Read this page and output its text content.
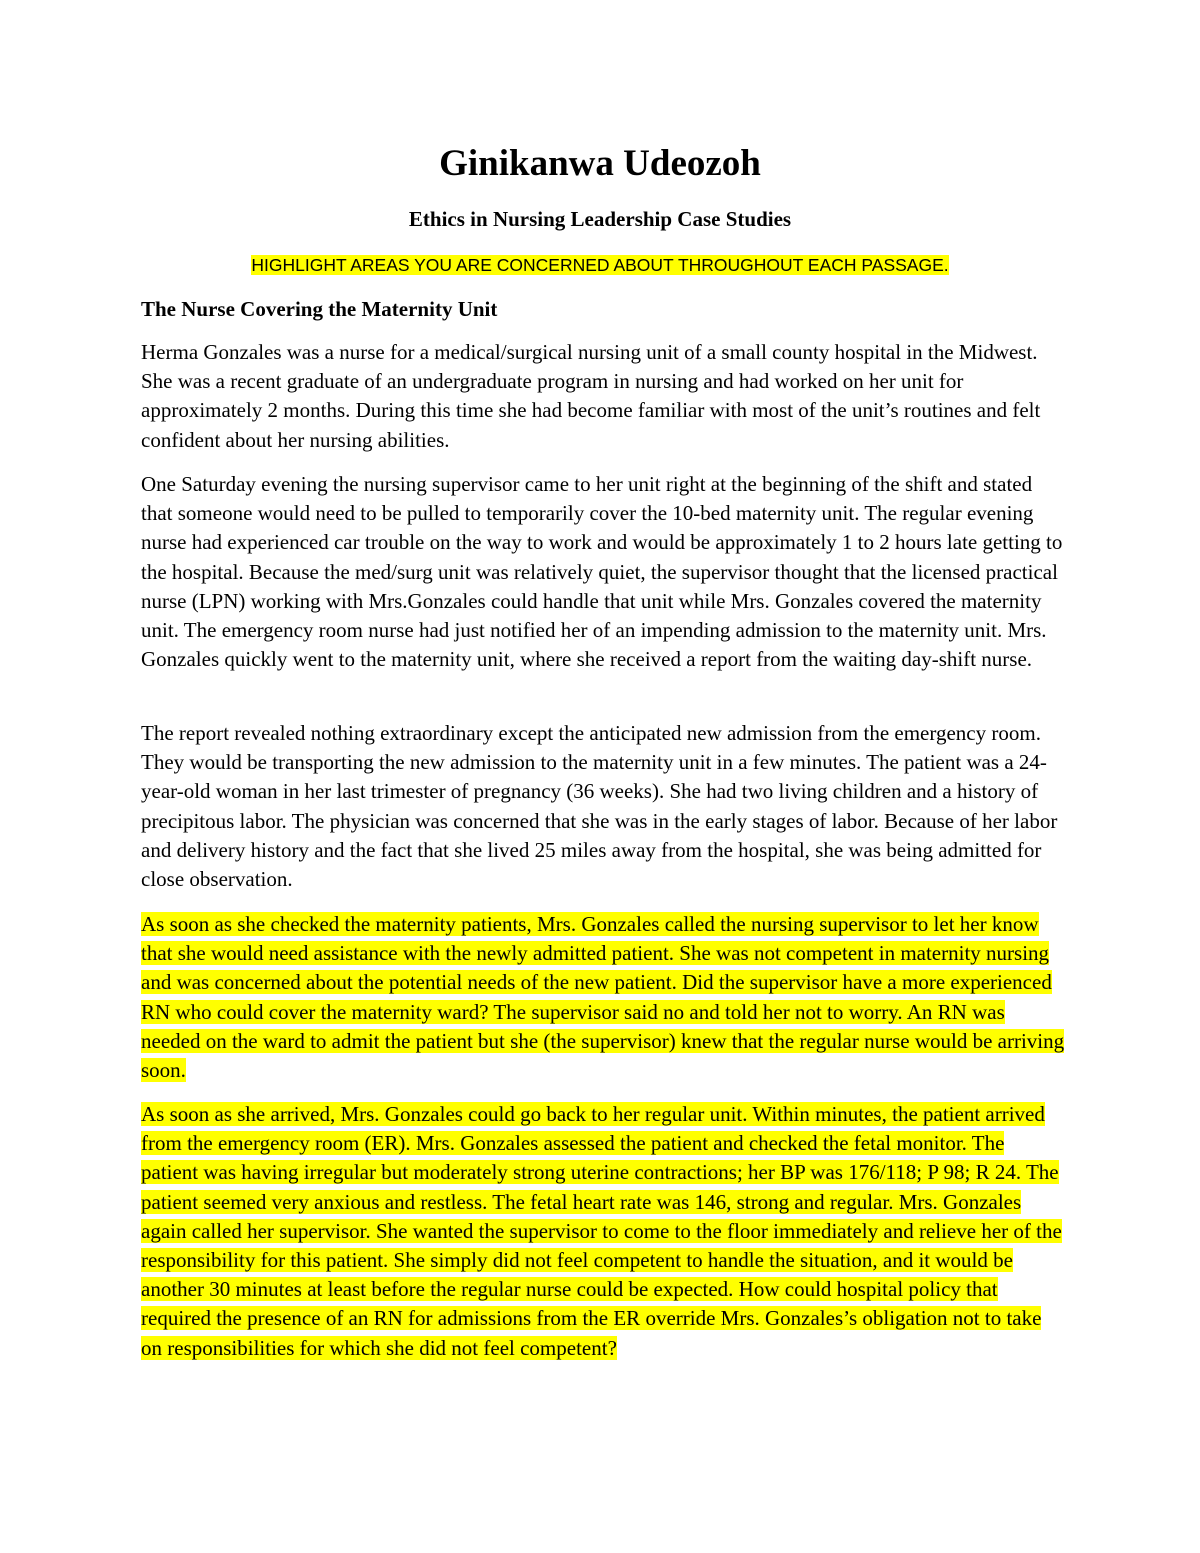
Ginikanwa Udeozoh
Ethics in Nursing Leadership Case Studies
HIGHLIGHT AREAS YOU ARE CONCERNED ABOUT THROUGHOUT EACH PASSAGE.
The Nurse Covering the Maternity Unit
Herma Gonzales was a nurse for a medical/surgical nursing unit of a small county hospital in the Midwest. She was a recent graduate of an undergraduate program in nursing and had worked on her unit for approximately 2 months. During this time she had become familiar with most of the unit’s routines and felt confident about her nursing abilities.
One Saturday evening the nursing supervisor came to her unit right at the beginning of the shift and stated that someone would need to be pulled to temporarily cover the 10-bed maternity unit. The regular evening nurse had experienced car trouble on the way to work and would be approximately 1 to 2 hours late getting to the hospital. Because the med/surg unit was relatively quiet, the supervisor thought that the licensed practical nurse (LPN) working with Mrs.Gonzales could handle that unit while Mrs. Gonzales covered the maternity unit. The emergency room nurse had just notified her of an impending admission to the maternity unit. Mrs. Gonzales quickly went to the maternity unit, where she received a report from the waiting day-shift nurse.
The report revealed nothing extraordinary except the anticipated new admission from the emergency room. They would be transporting the new admission to the maternity unit in a few minutes. The patient was a 24-year-old woman in her last trimester of pregnancy (36 weeks). She had two living children and a history of precipitous labor. The physician was concerned that she was in the early stages of labor. Because of her labor and delivery history and the fact that she lived 25 miles away from the hospital, she was being admitted for close observation.
As soon as she checked the maternity patients, Mrs. Gonzales called the nursing supervisor to let her know that she would need assistance with the newly admitted patient. She was not competent in maternity nursing and was concerned about the potential needs of the new patient. Did the supervisor have a more experienced RN who could cover the maternity ward? The supervisor said no and told her not to worry. An RN was needed on the ward to admit the patient but she (the supervisor) knew that the regular nurse would be arriving soon.
As soon as she arrived, Mrs. Gonzales could go back to her regular unit. Within minutes, the patient arrived from the emergency room (ER). Mrs. Gonzales assessed the patient and checked the fetal monitor. The patient was having irregular but moderately strong uterine contractions; her BP was 176/118; P 98; R 24. The patient seemed very anxious and restless. The fetal heart rate was 146, strong and regular. Mrs. Gonzales again called her supervisor. She wanted the supervisor to come to the floor immediately and relieve her of the responsibility for this patient. She simply did not feel competent to handle the situation, and it would be another 30 minutes at least before the regular nurse could be expected. How could hospital policy that required the presence of an RN for admissions from the ER override Mrs. Gonzales’s obligation not to take on responsibilities for which she did not feel competent?
